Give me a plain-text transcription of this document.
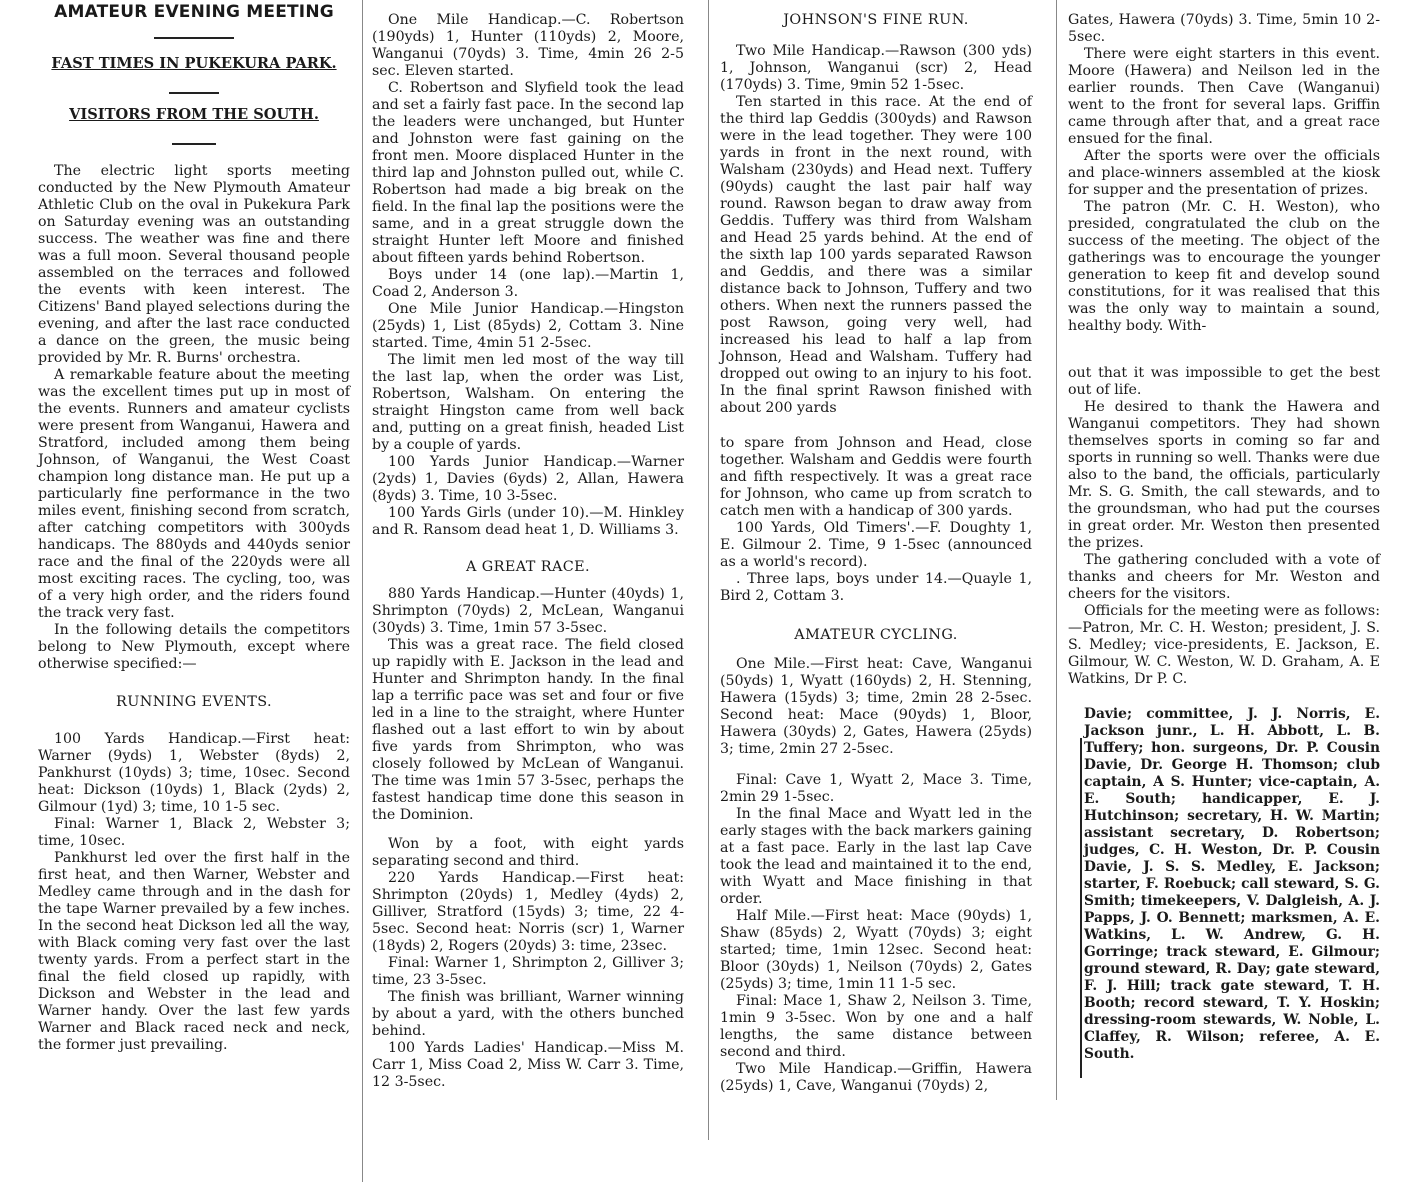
AMATEUR EVENING MEETING
FAST TIMES IN PUKEKURA PARK.
VISITORS FROM THE SOUTH.

The electric light sports meeting conducted by the New Plymouth Amateur Athletic Club on the oval in Pukekura Park on Saturday evening was an outstanding success. The weather was fine and there was a full moon. Several thousand people assembled on the terraces and followed the events with keen interest. The Citizens' Band played selections during the evening, and after the last race conducted a dance on the green, the music being provided by Mr. R. Burns' orchestra.

A remarkable feature about the meeting was the excellent times put up in most of the events. Runners and amateur cyclists were present from Wanganui, Hawera and Stratford, included among them being Johnson, of Wanganui, the West Coast champion long distance man. He put up a particularly fine performance in the two miles event, finishing second from scratch, after catching competitors with 300yds handicaps. The 880yds and 440yds senior race and the final of the 220yds were all most exciting races. The cycling, too, was of a very high order, and the riders found the track very fast.

In the following details the competitors belong to New Plymouth, except where otherwise specified:—

RUNNING EVENTS.

100 Yards Handicap.—First heat: Warner (9yds) 1, Webster (8yds) 2, Pankhurst (10yds) 3; time, 10sec. Second heat: Dickson (10yds) 1, Black (2yds) 2, Gilmour (1yd) 3; time, 10 1-5 sec.

Final: Warner 1, Black 2, Webster 3; time, 10sec.

Pankhurst led over the first half in the first heat, and then Warner, Webster and Medley came through and in the dash for the tape Warner prevailed by a few inches. In the second heat Dickson led all the way, with Black coming very fast over the last twenty yards. From a perfect start in the final the field closed up rapidly, with Dickson and Webster in the lead and Warner handy. Over the last few yards Warner and Black raced neck and neck, the former just prevailing.

One Mile Handicap.—C. Robertson (190yds) 1, Hunter (110yds) 2, Moore, Wanganui (70yds) 3. Time, 4min 26 2-5 sec. Eleven started.

C. Robertson and Slyfield took the lead and set a fairly fast pace. In the second lap the leaders were unchanged, but Hunter and Johnston were fast gaining on the front men. Moore displaced Hunter in the third lap and Johnston pulled out, while C. Robertson had made a big break on the field. In the final lap the positions were the same, and in a great struggle down the straight Hunter left Moore and finished about fifteen yards behind Robertson.

Boys under 14 (one lap).—Martin 1, Coad 2, Anderson 3.

One Mile Junior Handicap.—Hingston (25yds) 1, List (85yds) 2, Cottam 3. Nine started. Time, 4min 51 2-5sec.

The limit men led most of the way till the last lap, when the order was List, Robertson, Walsham. On entering the straight Hingston came from well back and, putting on a great finish, headed List by a couple of yards.

100 Yards Junior Handicap.—Warner (2yds) 1, Davies (6yds) 2, Allan, Hawera (8yds) 3. Time, 10 3-5sec.

100 Yards Girls (under 10).—M. Hinkley and R. Ransom dead heat 1, D. Williams 3.

A GREAT RACE.

880 Yards Handicap.—Hunter (40yds) 1, Shrimpton (70yds) 2, McLean, Wanganui (30yds) 3. Time, 1min 57 3-5sec.

This was a great race. The field closed up rapidly with E. Jackson in the lead and Hunter and Shrimpton handy. In the final lap a terrific pace was set and four or five led in a line to the straight, where Hunter flashed out a last effort to win by about five yards from Shrimpton, who was closely followed by McLean of Wanganui. The time was 1min 57 3-5sec, perhaps the fastest handicap time done this season in the Dominion.

Won by a foot, with eight yards separating second and third.

220 Yards Handicap.—First heat: Shrimpton (20yds) 1, Medley (4yds) 2, Gilliver, Stratford (15yds) 3; time, 22 4-5sec. Second heat: Norris (scr) 1, Warner (18yds) 2, Rogers (20yds) 3: time, 23sec.

Final: Warner 1, Shrimpton 2, Gilliver 3; time, 23 3-5sec.

The finish was brilliant, Warner winning by about a yard, with the others bunched behind.

100 Yards Ladies' Handicap.—Miss M. Carr 1, Miss Coad 2, Miss W. Carr 3. Time, 12 3-5sec.

JOHNSON'S FINE RUN.

Two Mile Handicap.—Rawson (300 yds) 1, Johnson, Wanganui (scr) 2, Head (170yds) 3. Time, 9min 52 1-5sec.

Ten started in this race. At the end of the third lap Geddis (300yds) and Rawson were in the lead together. They were 100 yards in front in the next round, with Walsham (230yds) and Head next. Tuffery (90yds) caught the last pair half way round. Rawson began to draw away from Geddis. Tuffery was third from Walsham and Head 25 yards behind. At the end of the sixth lap 100 yards separated Rawson and Geddis, and there was a similar distance back to Johnson, Tuffery and two others. When next the runners passed the post Rawson, going very well, had increased his lead to half a lap from Johnson, Head and Walsham. Tuffery had dropped out owing to an injury to his foot. In the final sprint Rawson finished with about 200 yards

to spare from Johnson and Head, close together. Walsham and Geddis were fourth and fifth respectively. It was a great race for Johnson, who came up from scratch to catch men with a handicap of 300 yards.

100 Yards, Old Timers'.—F. Doughty 1, E. Gilmour 2. Time, 9 1-5sec (announced as a world's record).

. Three laps, boys under 14.—Quayle 1, Bird 2, Cottam 3.

AMATEUR CYCLING.

One Mile.—First heat: Cave, Wanganui (50yds) 1, Wyatt (160yds) 2, H. Stenning, Hawera (15yds) 3; time, 2min 28 2-5sec. Second heat: Mace (90yds) 1, Bloor, Hawera (30yds) 2, Gates, Hawera (25yds) 3; time, 2min 27 2-5sec.

Final: Cave 1, Wyatt 2, Mace 3. Time, 2min 29 1-5sec.

In the final Mace and Wyatt led in the early stages with the back markers gaining at a fast pace. Early in the last lap Cave took the lead and maintained it to the end, with Wyatt and Mace finishing in that order.

Half Mile.—First heat: Mace (90yds) 1, Shaw (85yds) 2, Wyatt (70yds) 3; eight started; time, 1min 12sec. Second heat: Bloor (30yds) 1, Neilson (70yds) 2, Gates (25yds) 3; time, 1min 11 1-5 sec.

Final: Mace 1, Shaw 2, Neilson 3. Time, 1min 9 3-5sec. Won by one and a half lengths, the same distance between second and third.

Two Mile Handicap.—Griffin, Hawera (25yds) 1, Cave, Wanganui (70yds) 2,

Gates, Hawera (70yds) 3. Time, 5min 10 2-5sec.

There were eight starters in this event. Moore (Hawera) and Neilson led in the earlier rounds. Then Cave (Wanganui) went to the front for several laps. Griffin came through after that, and a great race ensued for the final.

After the sports were over the officials and place-winners assembled at the kiosk for supper and the presentation of prizes.

The patron (Mr. C. H. Weston), who presided, congratulated the club on the success of the meeting. The object of the gatherings was to encourage the younger generation to keep fit and develop sound constitutions, for it was realised that this was the only way to maintain a sound, healthy body. With-

out that it was impossible to get the best out of life.

He desired to thank the Hawera and Wanganui competitors. They had shown themselves sports in coming so far and sports in running so well. Thanks were due also to the band, the officials, particularly Mr. S. G. Smith, the call stewards, and to the groundsman, who had put the courses in great order. Mr. Weston then presented the prizes.

The gathering concluded with a vote of thanks and cheers for Mr. Weston and cheers for the visitors.

Officials for the meeting were as follows:—Patron, Mr. C. H. Weston; president, J. S. S. Medley; vice-presidents, E. Jackson, E. Gilmour, W. C. Weston, W. D. Graham, A. E Watkins, Dr P. C.

Davie; committee, J. J. Norris, E. Jackson junr., L. H. Abbott, L. B. Tuffery; hon. surgeons, Dr. P. Cousin Davie, Dr. George H. Thomson; club captain, A S. Hunter; vice-captain, A. E. South; handicapper, E. J. Hutchinson; secretary, H. W. Martin; assistant secretary, D. Robertson; judges, C. H. Weston, Dr. P. Cousin Davie, J. S. S. Medley, E. Jackson; starter, F. Roebuck; call steward, S. G. Smith; timekeepers, V. Dalgleish, A. J. Papps, J. O. Bennett; marksmen, A. E. Watkins, L. W. Andrew, G. H. Gorringe; track steward, E. Gilmour; ground steward, R. Day; gate steward, F. J. Hill; track gate steward, T. H. Booth; record steward, T. Y. Hoskin; dressing-room stewards, W. Noble, L. Claffey, R. Wilson; referee, A. E. South.
